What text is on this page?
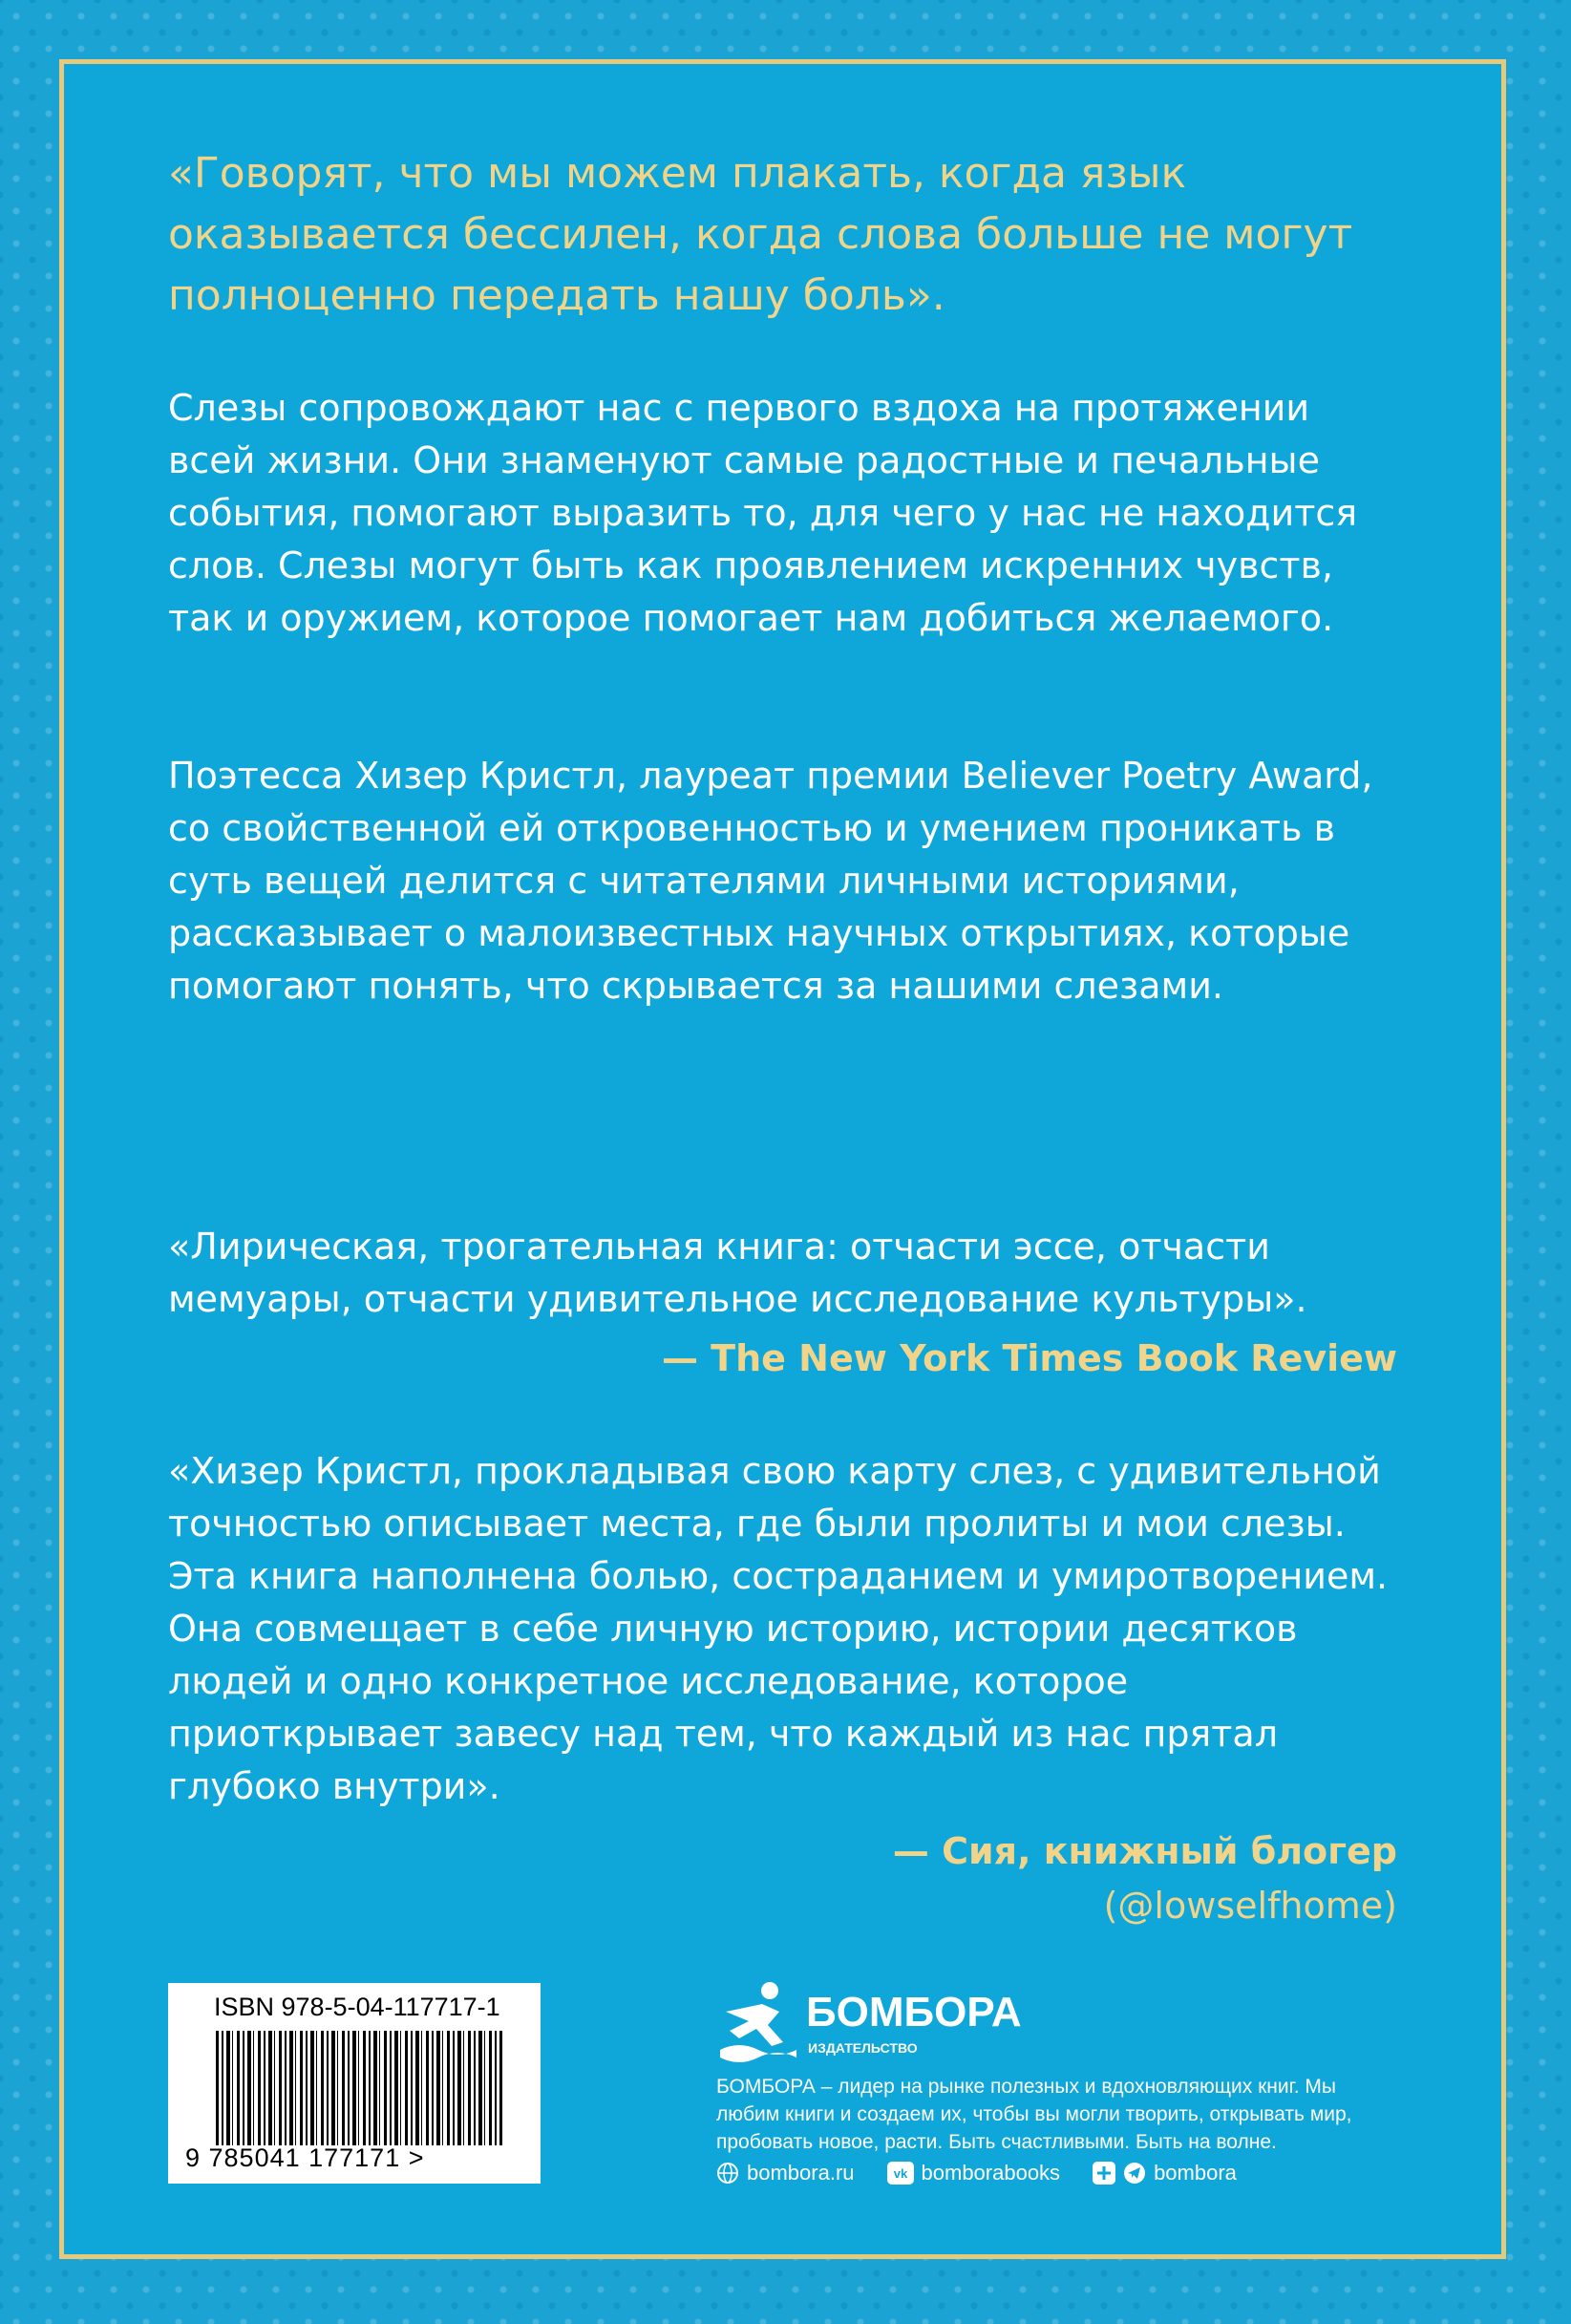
«Говорят, что мы можем плакать, когда язык оказывается бессилен, когда слова больше не могут полноценно передать нашу боль».

Слезы сопровождают нас с первого вздоха на протяжении всей жизни. Они знаменуют самые радостные и печальные события, помогают выразить то, для чего у нас не находится слов. Слезы могут быть как проявлением искренних чувств, так и оружием, которое помогает нам добиться желаемого.

Поэтесса Хизер Кристл, лауреат премии Believer Poetry Award, со свойственной ей откровенностью и умением проникать в суть вещей делится с читателями личными историями, рассказывает о малоизвестных научных открытиях, которые помогают понять, что скрывается за нашими слезами.

«Лирическая, трогательная книга: отчасти эссе, отчасти мемуары, отчасти удивительное исследование культуры».

— The New York Times Book Review

«Хизер Кристл, прокладывая свою карту слез, с удивительной точностью описывает места, где были пролиты и мои слезы. Эта книга наполнена болью, состраданием и умиротворением. Она совмещает в себе личную историю, истории десятков людей и одно конкретное исследование, которое приоткрывает завесу над тем, что каждый из нас прятал глубоко внутри».

— Сия, книжный блогер

(@lowselfhome)

ISBN 978-5-04-117717-1
9 785041 177171 >
БОМБОРА
ИЗДАТЕЛЬСТВО

БОМБОРА – лидер на рынке полезных и вдохновляющих книг. Мы любим книги и создаем их, чтобы вы могли творить, открывать мир, пробовать новое, расти. Быть счастливыми. Быть на волне.

bombora.ru	vk bomborabooks	bombora
